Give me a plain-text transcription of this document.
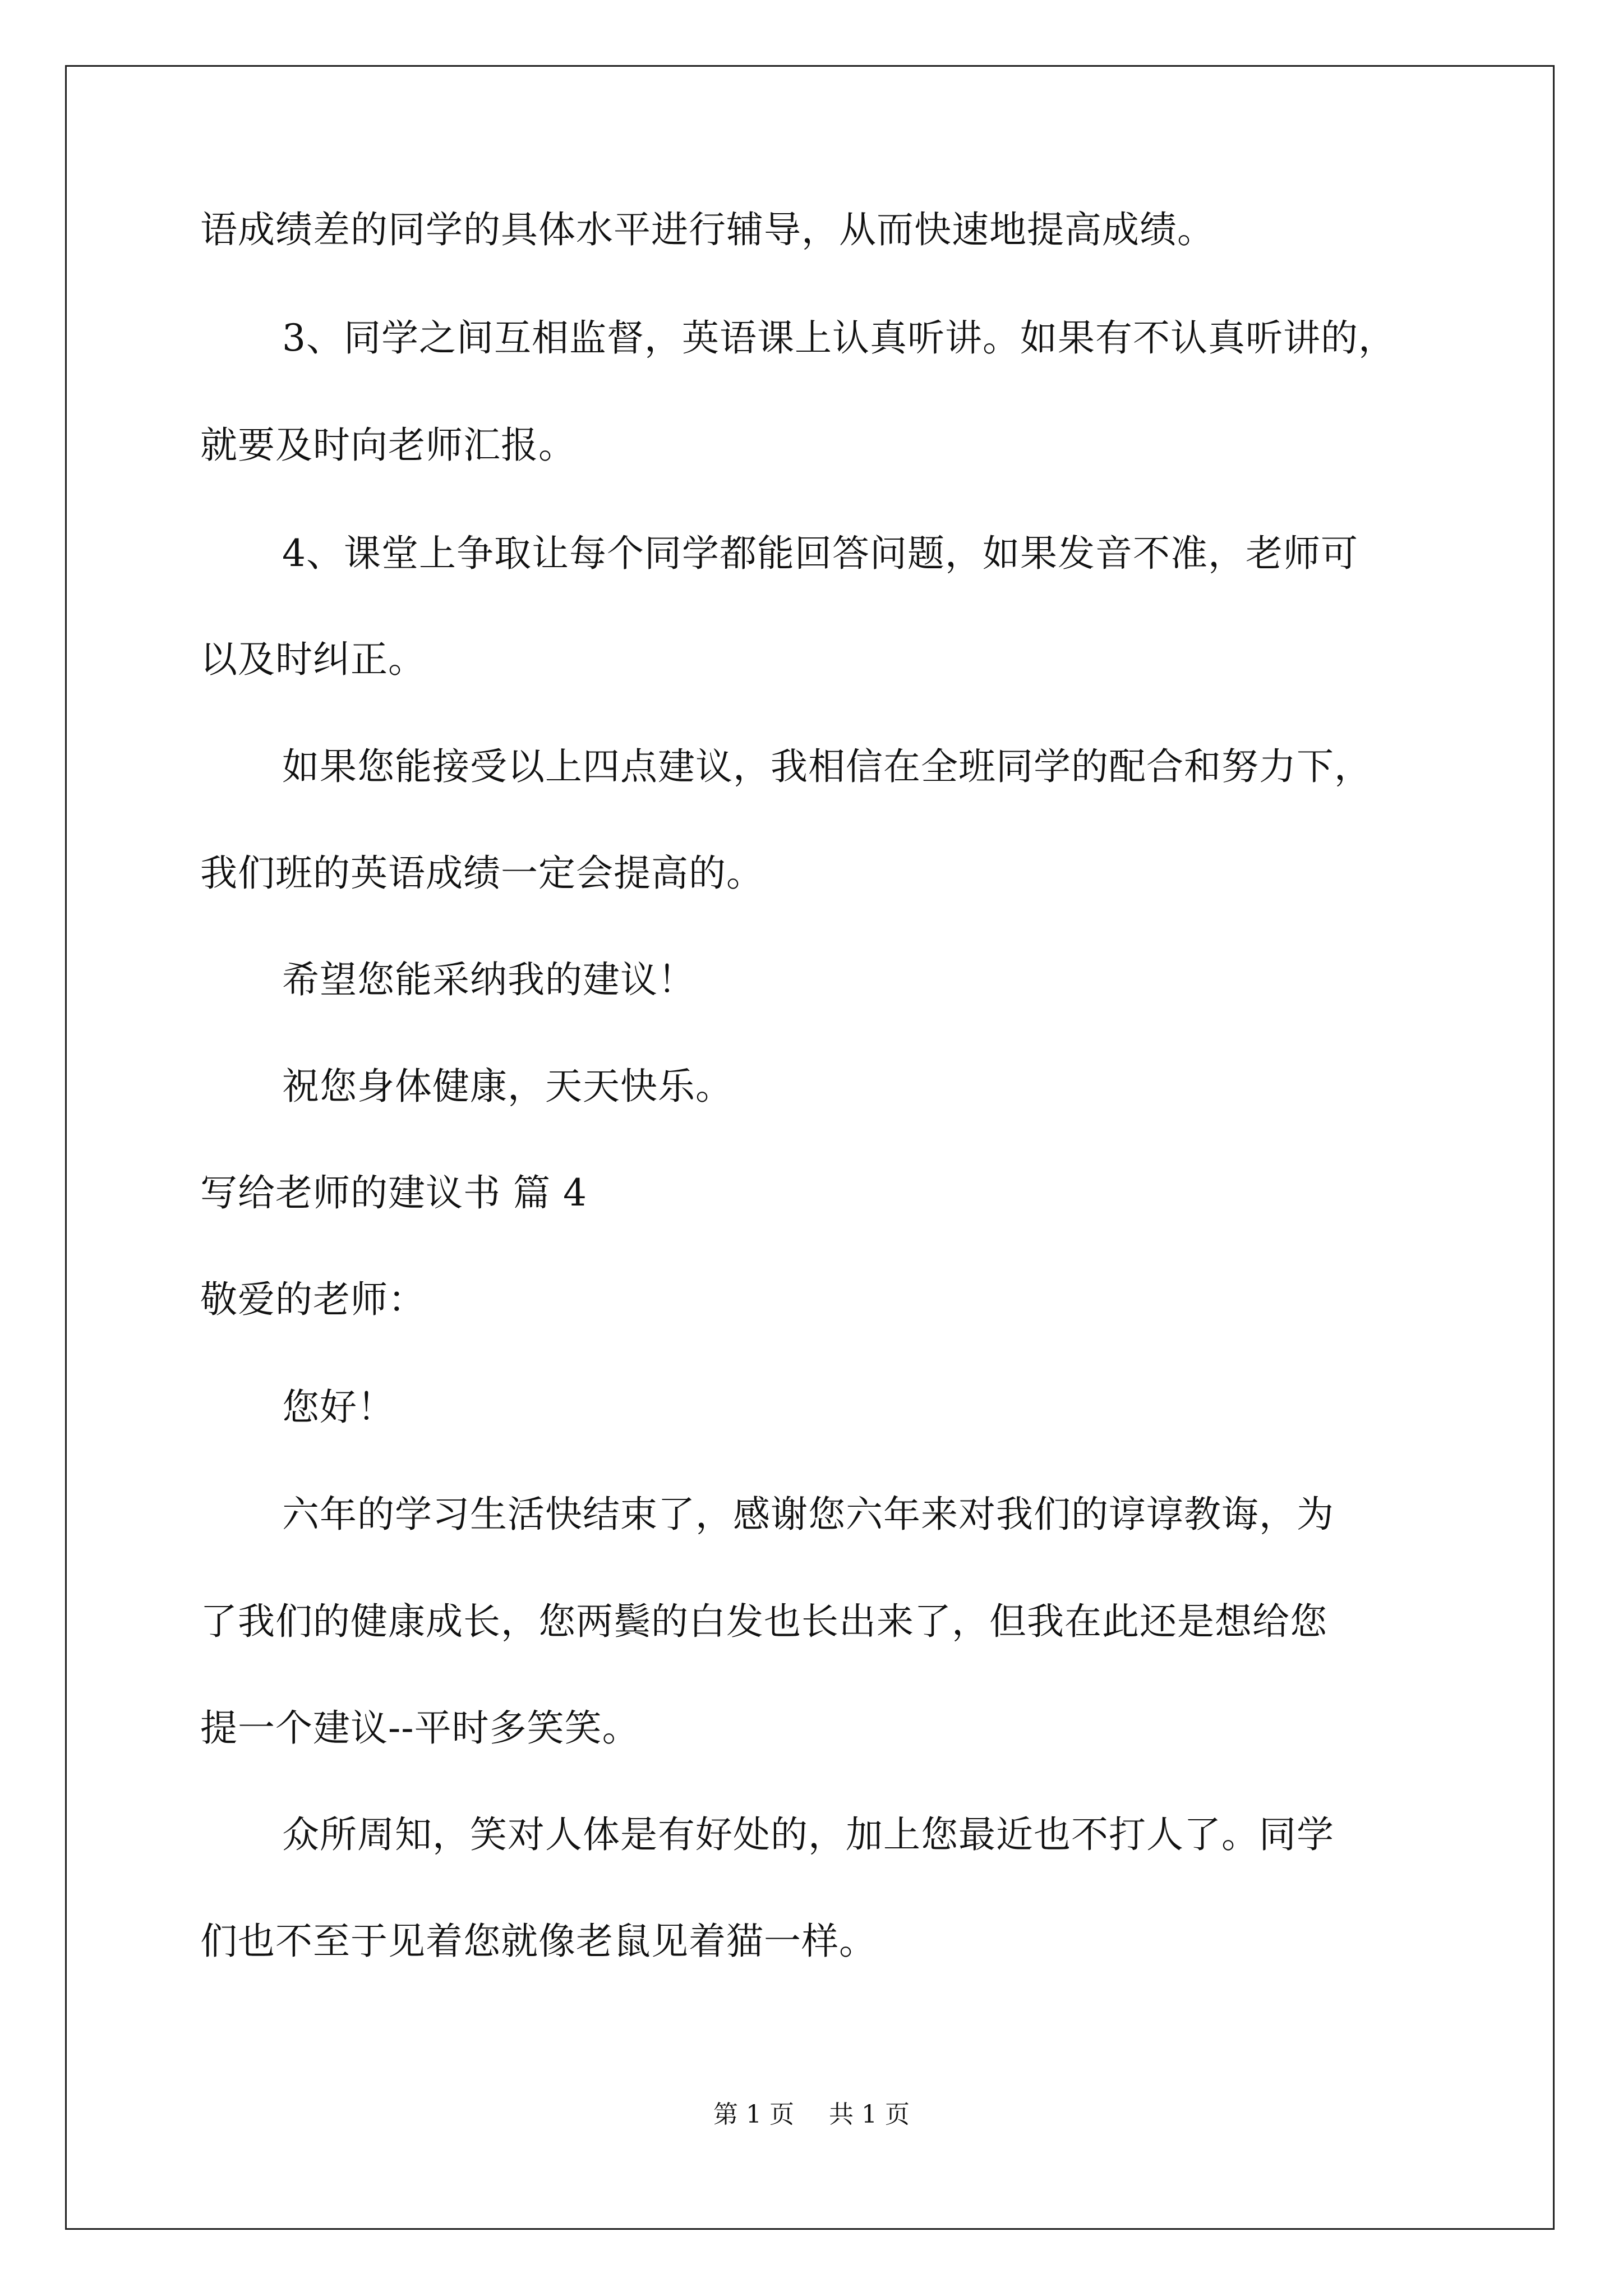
语成绩差的同学的具体水平进行辅导，从而快速地提高成绩。
3、同学之间互相监督，英语课上认真听讲。如果有不认真听讲的，
就要及时向老师汇报。
4、课堂上争取让每个同学都能回答问题，如果发音不准，老师可
以及时纠正。
如果您能接受以上四点建议，我相信在全班同学的配合和努力下，
我们班的英语成绩一定会提高的。
希望您能采纳我的建议！
祝您身体健康，天天快乐。
写给老师的建议书 篇 4
敬爱的老师：
您好！
六年的学习生活快结束了，感谢您六年来对我们的谆谆教诲，为
了我们的健康成长，您两鬓的白发也长出来了，但我在此还是想给您
提一个建议--平时多笑笑。
众所周知，笑对人体是有好处的，加上您最近也不打人了。同学
们也不至于见着您就像老鼠见着猫一样。
第 1 页 共 1 页
